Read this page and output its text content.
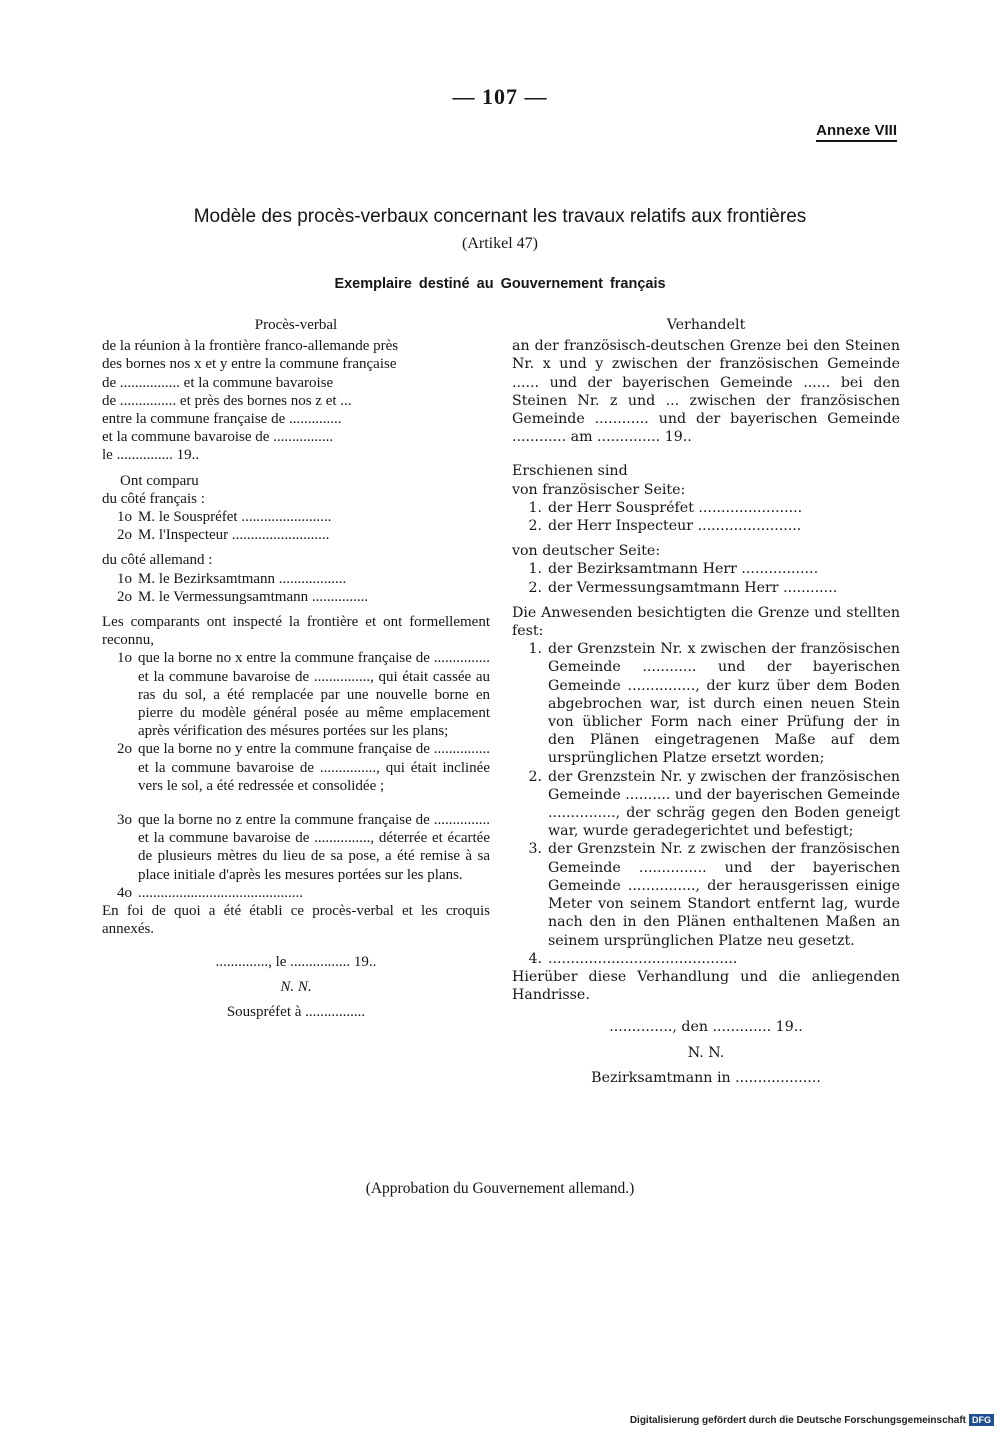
— 107 —
Annexe VIII
Modèle des procès-verbaux concernant les travaux relatifs aux frontières
(Artikel 47)
Exemplaire destiné au Gouvernement français
Procès-verbal
de la réunion à la frontière franco-allemande près
des bornes nos x et y entre la commune française
de ................ et la commune bavaroise
de ............... et près des bornes nos z et ...
entre la commune française de ..............
et la commune bavaroise de ................
le ............... 19..
Ont comparu
du côté français :
1o M. le Souspréfet ........................
2o M. l'Inspecteur ..........................
du côté allemand :
1o M. le Bezirksamtmann ..................
2o M. le Vermessungsamtmann ...............
Les comparants ont inspecté la frontière et ont formellement reconnu,
1o que la borne no x entre la commune française de ............... et la commune bavaroise de ..............., qui était cassée au ras du sol, a été remplacée par une nouvelle borne en pierre du modèle général posée au même emplacement après vérification des mésures portées sur les plans;
2o que la borne no y entre la commune française de ............... et la commune bavaroise de ..............., qui était inclinée vers le sol, a été redressée et consolidée ;
3o que la borne no z entre la commune française de ............... et la commune bavaroise de ..............., déterrée et écartée de plusieurs mètres du lieu de sa pose, a été remise à sa place initiale d'après les mesures portées sur les plans.
4o ............................................
En foi de quoi a été établi ce procès-verbal et les croquis annexés.
.............., le ................ 19..
N. N.
Souspréfet à ................
Verhandelt
an der französisch-deutschen Grenze bei den Steinen Nr. x und y zwischen der französischen Gemeinde ...... und der bayerischen Gemeinde ...... bei den Steinen Nr. z und ... zwischen der französischen Gemeinde ............ und der bayerischen Gemeinde ............ am .............. 19..
Erschienen sind
von französischer Seite:
1. der Herr Souspréfet .......................
2. der Herr Inspecteur .......................
von deutscher Seite:
1. der Bezirksamtmann Herr .................
2. der Vermessungsamtmann Herr ............
Die Anwesenden besichtigten die Grenze und stellten fest:
1. der Grenzstein Nr. x zwischen der französischen Gemeinde ............ und der bayerischen Gemeinde ..............., der kurz über dem Boden abgebrochen war, ist durch einen neuen Stein von üblicher Form nach einer Prüfung der in den Plänen eingetragenen Maße auf dem ursprünglichen Platze ersetzt worden;
2. der Grenzstein Nr. y zwischen der französischen Gemeinde .......... und der bayerischen Gemeinde ..............., der schräg gegen den Boden geneigt war, wurde geradegerichtet und befestigt;
3. der Grenzstein Nr. z zwischen der französischen Gemeinde ............... und der bayerischen Gemeinde ..............., der herausgerissen einige Meter von seinem Standort entfernt lag, wurde nach den in den Plänen enthaltenen Maßen an seinem ursprünglichen Platze neu gesetzt.
4. ..........................................
Hierüber diese Verhandlung und die anliegenden Handrisse.
.............., den ............. 19..
N. N.
Bezirksamtmann in ...................
(Approbation du Gouvernement allemand.)
Digitalisierung gefördert durch die Deutsche Forschungsgemeinschaft DFG
